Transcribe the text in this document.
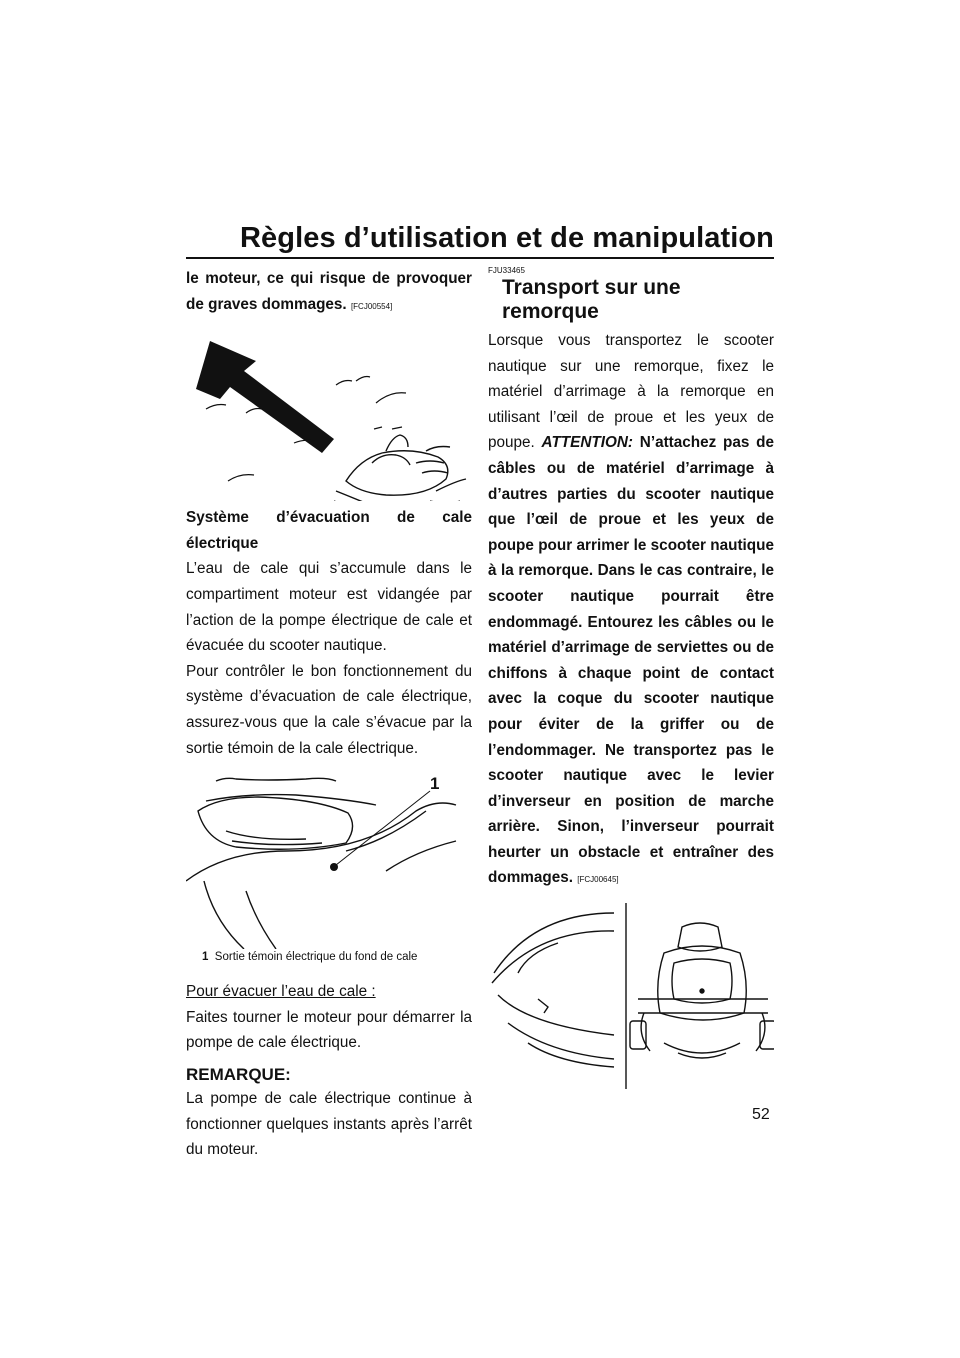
Règles d’utilisation et de manipulation

le moteur, ce qui risque de provoquer de graves dommages. [FCJ00554]

Système d’évacuation de cale électrique

L’eau de cale qui s’accumule dans le compartiment moteur est vidangée par l’action de la pompe électrique de cale et évacuée du scooter nautique.

Pour contrôler le bon fonctionnement du système d’évacuation de cale électrique, assurez-vous que la cale s’évacue par la sortie témoin de la cale électrique.

1

1 Sortie témoin électrique du fond de cale

Pour évacuer l’eau de cale :

Faites tourner le moteur pour démarrer la pompe de cale électrique.

REMARQUE:

La pompe de cale électrique continue à fonctionner quelques instants après l’arrêt du moteur.

FJU33465
Transport sur une remorque

Lorsque vous transportez le scooter nautique sur une remorque, fixez le matériel d’arrimage à la remorque en utilisant l’œil de proue et les yeux de poupe. ATTENTION: N’attachez pas de câbles ou de matériel d’arrimage à d’autres parties du scooter nautique que l’œil de proue et les yeux de poupe pour arrimer le scooter nautique à la remorque. Dans le cas contraire, le scooter nautique pourrait être endommagé. Entourez les câbles ou le matériel d’arrimage de serviettes ou de chiffons à chaque point de contact avec la coque du scooter nautique pour éviter de la griffer ou de l’endommager. Ne transportez pas le scooter nautique avec le levier d’inverseur en position de marche arrière. Sinon, l’inverseur pourrait heurter un obstacle et entraîner des dommages. [FCJ00645]

52
